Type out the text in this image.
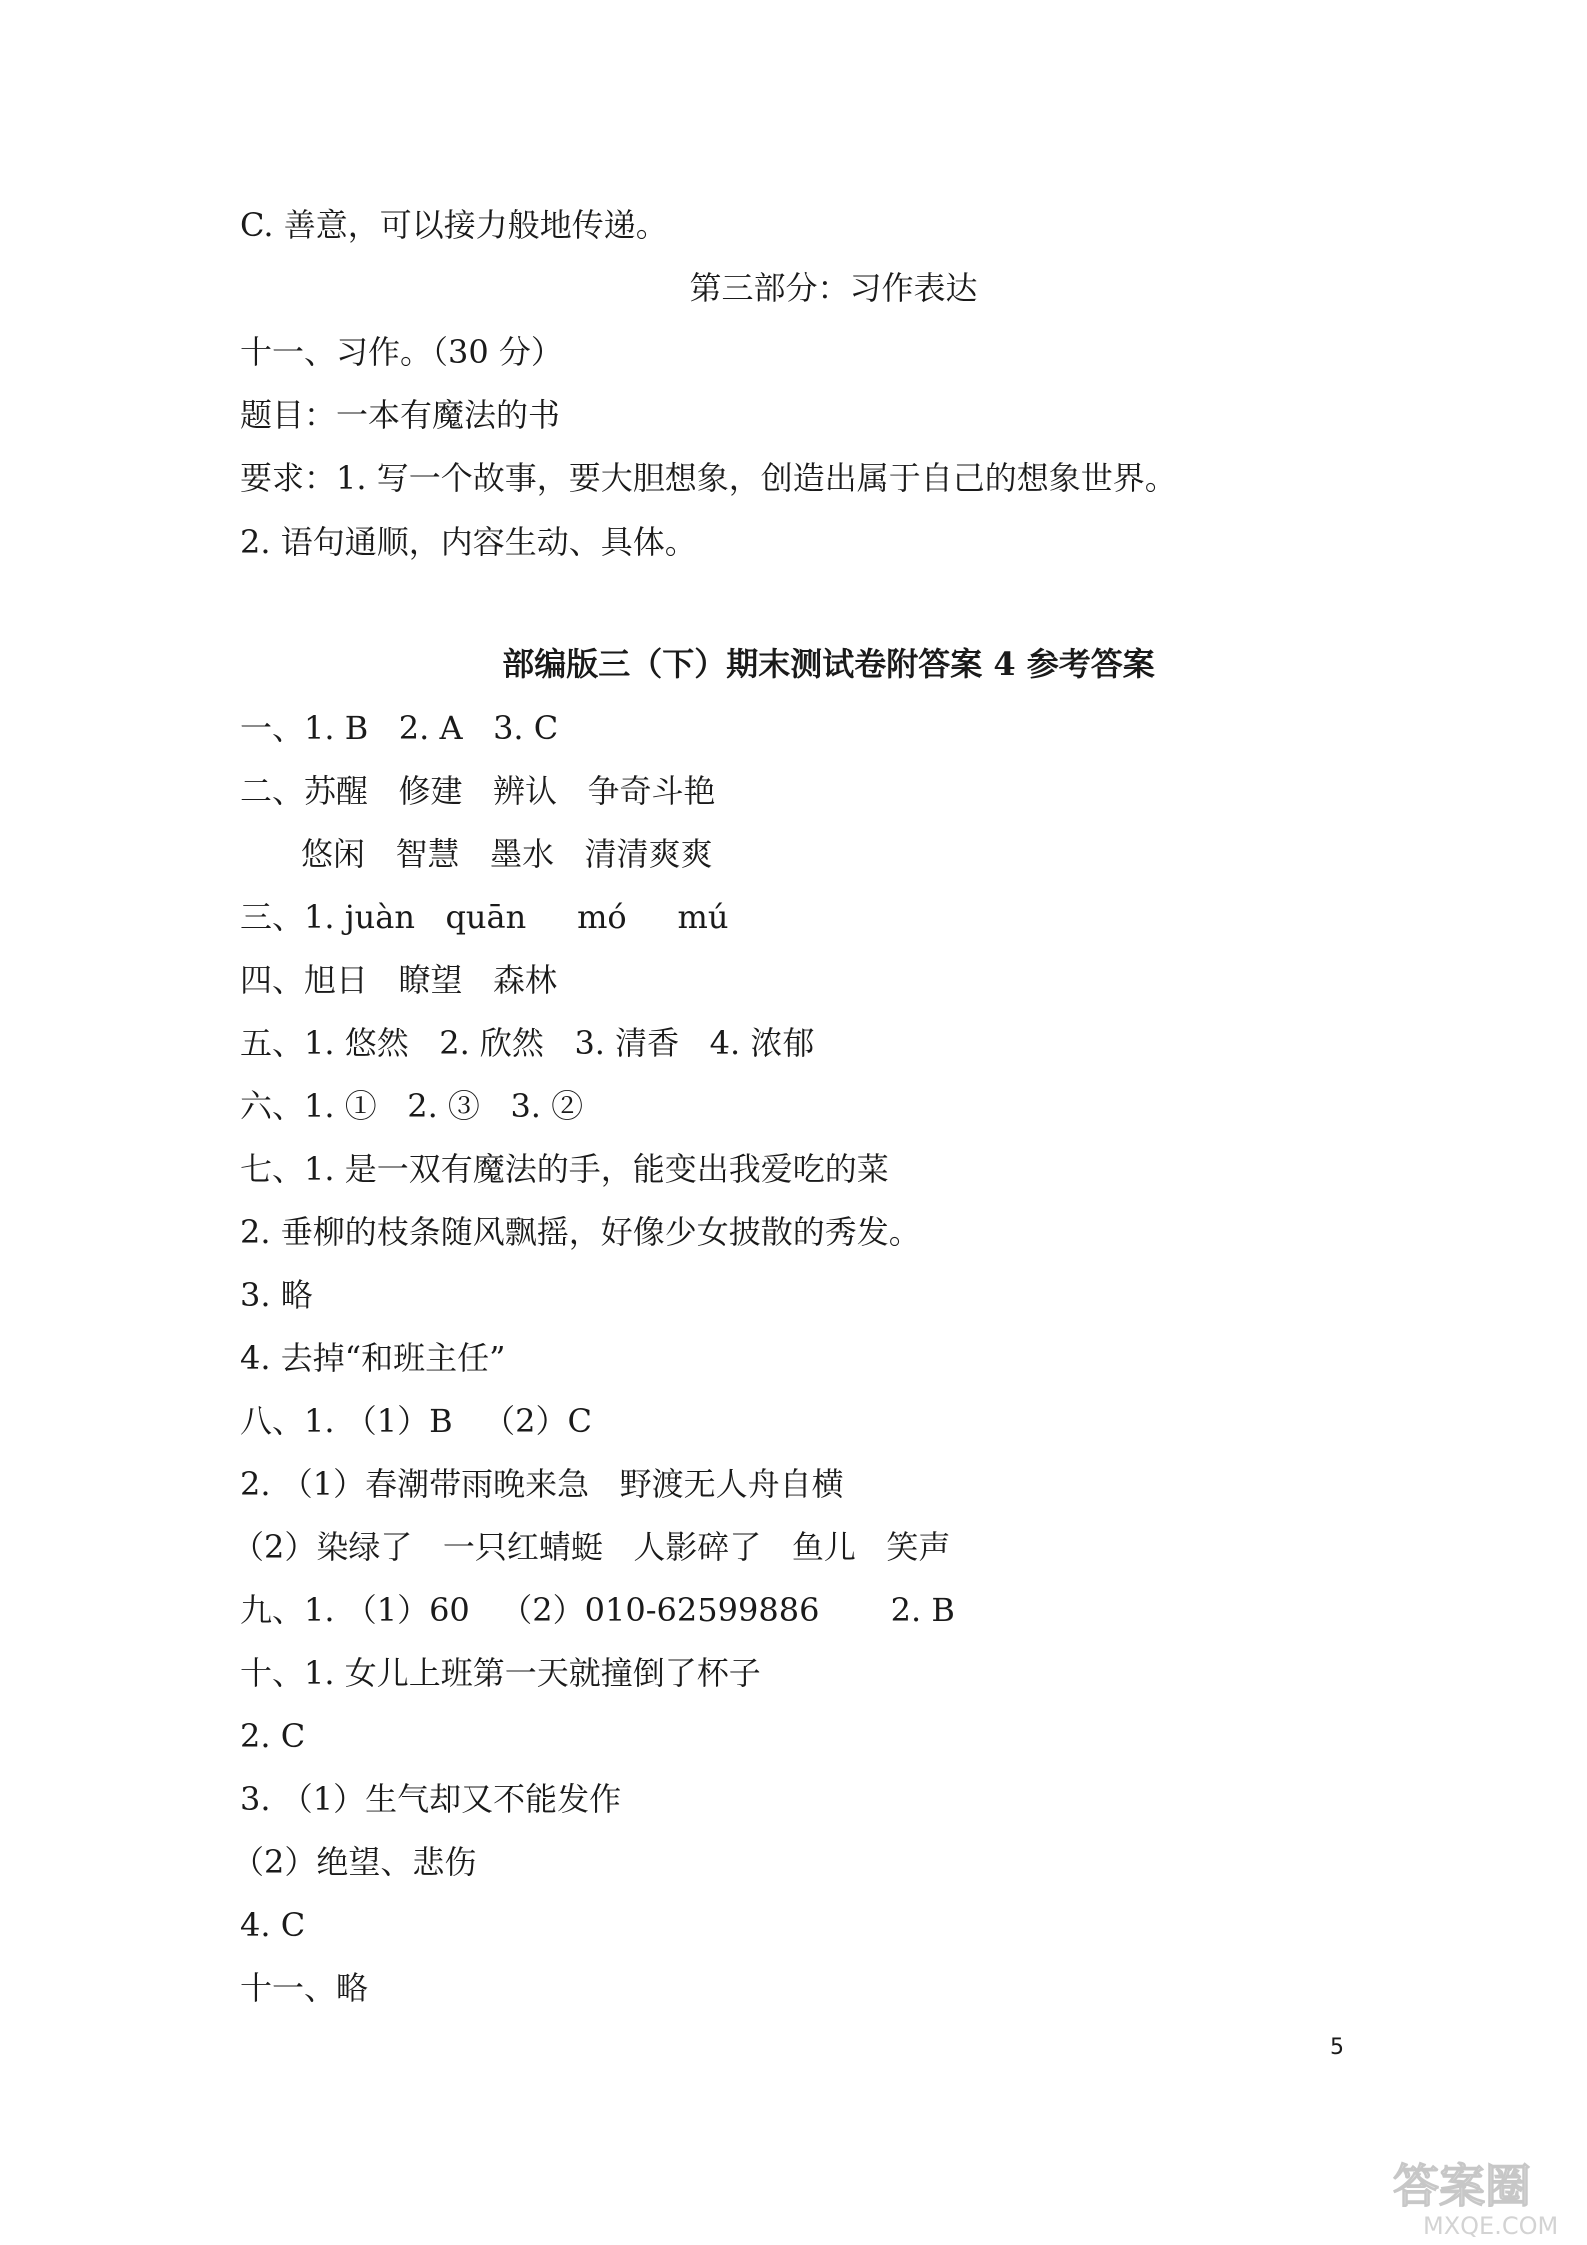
C. 善意，可以接力般地传递。
第三部分：习作表达
十一、习作。（30 分）
题目：一本有魔法的书
要求：1. 写一个故事，要大胆想象，创造出属于自己的想象世界。
2. 语句通顺，内容生动、具体。
部编版三（下）期末测试卷附答案 4 参考答案
一、1. B   2. A   3. C
二、苏醒   修建   辨认   争奇斗艳
悠闲   智慧   墨水   清清爽爽
三、1. juàn   quān     mó     mú
四、旭日   瞭望   森林
五、1. 悠然   2. 欣然   3. 清香   4. 浓郁
六、1. ①   2. ③   3. ②
七、1. 是一双有魔法的手，能变出我爱吃的菜
2. 垂柳的枝条随风飘摇，好像少女披散的秀发。
3. 略
4. 去掉“和班主任”
八、1. （1）B   （2）C
2. （1）春潮带雨晚来急   野渡无人舟自横
（2）染绿了   一只红蜻蜓   人影碎了   鱼儿   笑声
九、1. （1）60   （2）010-62599886       2. B
十、1. 女儿上班第一天就撞倒了杯子
2. C
3. （1）生气却又不能发作
（2）绝望、悲伤
4. C
十一、略
5
答案圈
MXQE.COM
